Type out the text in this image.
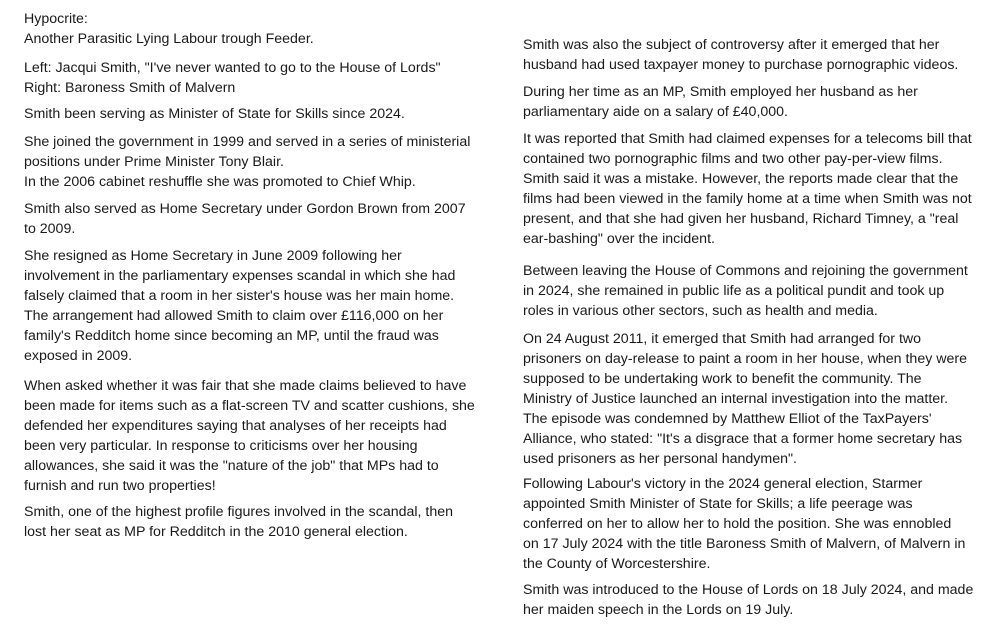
Hypocrite:
Another Parasitic Lying Labour trough Feeder.

Left: Jacqui Smith, "I've never wanted to go to the House of Lords"
Right: Baroness Smith of Malvern

Smith been serving as Minister of State for Skills since 2024.

She joined the government in 1999 and served in a series of ministerial
positions under Prime Minister Tony Blair.
In the 2006 cabinet reshuffle she was promoted to Chief Whip.

Smith also served as Home Secretary under Gordon Brown from 2007
to 2009.

She resigned as Home Secretary in June 2009 following her
involvement in the parliamentary expenses scandal in which she had
falsely claimed that a room in her sister's house was her main home.
The arrangement had allowed Smith to claim over £116,000 on her
family's Redditch home since becoming an MP, until the fraud was
exposed in 2009.

When asked whether it was fair that she made claims believed to have
been made for items such as a flat-screen TV and scatter cushions, she
defended her expenditures saying that analyses of her receipts had
been very particular. In response to criticisms over her housing
allowances, she said it was the "nature of the job" that MPs had to
furnish and run two properties!

Smith, one of the highest profile figures involved in the scandal, then
lost her seat as MP for Redditch in the 2010 general election.

Smith was also the subject of controversy after it emerged that her
husband had used taxpayer money to purchase pornographic videos.

During her time as an MP, Smith employed her husband as her
parliamentary aide on a salary of £40,000.

It was reported that Smith had claimed expenses for a telecoms bill that
contained two pornographic films and two other pay-per-view films.
Smith said it was a mistake. However, the reports made clear that the
films had been viewed in the family home at a time when Smith was not
present, and that she had given her husband, Richard Timney, a "real
ear-bashing" over the incident.

Between leaving the House of Commons and rejoining the government
in 2024, she remained in public life as a political pundit and took up
roles in various other sectors, such as health and media.

On 24 August 2011, it emerged that Smith had arranged for two
prisoners on day-release to paint a room in her house, when they were
supposed to be undertaking work to benefit the community. The
Ministry of Justice launched an internal investigation into the matter.
The episode was condemned by Matthew Elliot of the TaxPayers'
Alliance, who stated: "It's a disgrace that a former home secretary has
used prisoners as her personal handymen".

Following Labour's victory in the 2024 general election, Starmer
appointed Smith Minister of State for Skills; a life peerage was
conferred on her to allow her to hold the position. She was ennobled
on 17 July 2024 with the title Baroness Smith of Malvern, of Malvern in
the County of Worcestershire.

Smith was introduced to the House of Lords on 18 July 2024, and made
her maiden speech in the Lords on 19 July.
